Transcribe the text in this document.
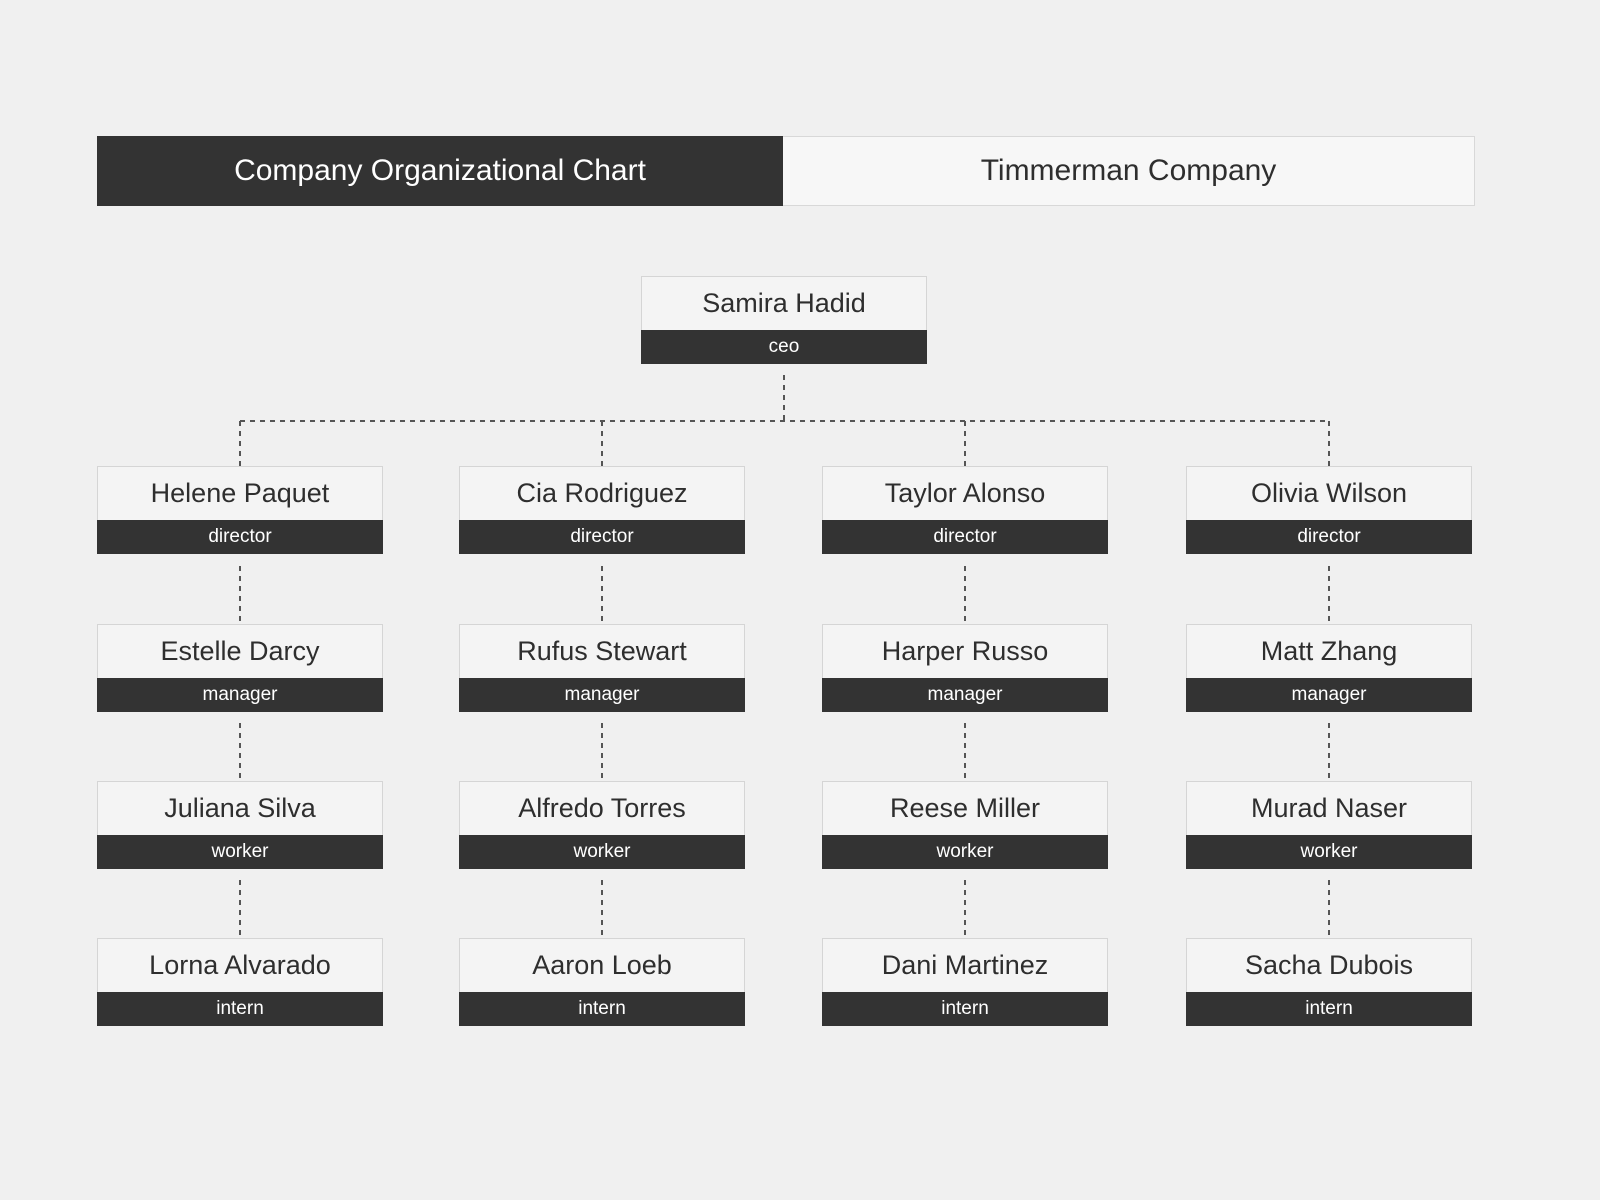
Company Organizational Chart	Timmerman Company
Samira Hadid
ceo
Helene Paquet
director
Estelle Darcy
manager
Juliana Silva
worker
Lorna Alvarado
intern
Cia Rodriguez
director
Rufus Stewart
manager
Alfredo Torres
worker
Aaron Loeb
intern
Taylor Alonso
director
Harper Russo
manager
Reese Miller
worker
Dani Martinez
intern
Olivia Wilson
director
Matt Zhang
manager
Murad Naser
worker
Sacha Dubois
intern
